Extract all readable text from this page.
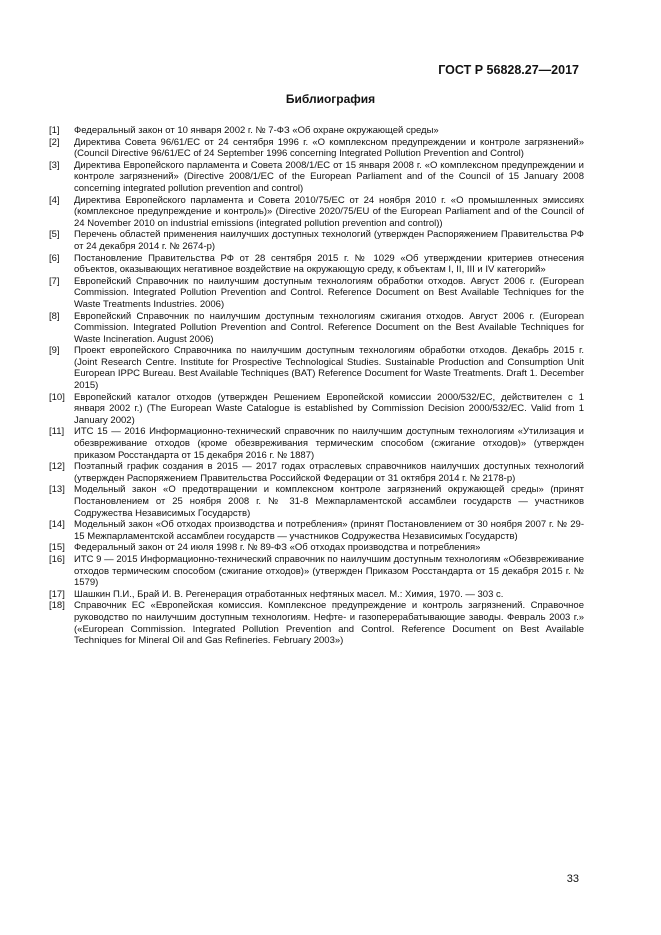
ГОСТ Р 56828.27—2017
Библиография
[1]	Федеральный закон от 10 января 2002 г. № 7-ФЗ «Об охране окружающей среды»
[2]	Директива Совета 96/61/EC от 24 сентября 1996 г. «О комплексном предупреждении и контроле загрязнений» (Council Directive 96/61/EC of 24 September 1996 concerning Integrated Pollution Prevention and Control)
[3]	Директива Европейского парламента и Совета 2008/1/ЕС от 15 января 2008 г. «О комплексном предупреждении и контроле загрязнений» (Directive 2008/1/EC of the European Parliament and of the Council of 15 January 2008 concerning integrated pollution prevention and control)
[4]	Директива Европейского парламента и Совета 2010/75/ЕС от 24 ноября 2010 г. «О промышленных эмиссиях (комплексное предупреждение и контроль)» (Directive 2020/75/EU of the European Parliament and of the Council of 24 November 2010 on industrial emissions (integrated pollution prevention and control))
[5]	Перечень областей применения наилучших доступных технологий (утвержден Распоряжением Правительства РФ от 24 декабря 2014 г. № 2674-р)
[6]	Постановление Правительства РФ от 28 сентября 2015 г. № 1029 «Об утверждении критериев отнесения объектов, оказывающих негативное воздействие на окружающую среду, к объектам I, II, III и IV категорий»
[7]	Европейский Справочник по наилучшим доступным технологиям обработки отходов. Август 2006 г. (European Commission. Integrated Pollution Prevention and Control. Reference Document on Best Available Techniques for the Waste Treatments Industries. 2006)
[8]	Европейский Справочник по наилучшим доступным технологиям сжигания отходов. Август 2006 г. (European Commission. Integrated Pollution Prevention and Control. Reference Document on the Best Available Techniques for Waste Incineration. August 2006)
[9]	Проект европейского Справочника по наилучшим доступным технологиям обработки отходов. Декабрь 2015 г. (Joint Research Centre. Institute for Prospective Technological Studies. Sustainable Production and Consumption Unit European IPPC Bureau. Best Available Techniques (BAT) Reference Document for Waste Treatments. Draft 1. December 2015)
[10] Европейский каталог отходов (утвержден Решением Европейской комиссии 2000/532/ЕС, действителен с 1 января 2002 г.) (The European Waste Catalogue is established by Commission Decision 2000/532/EC. Valid from 1 January 2002)
[11]	ИТС 15 — 2016 Информационно-технический справочник по наилучшим доступным технологиям «Утилизация и обезвреживание отходов (кроме обезвреживания термическим способом (сжигание отходов)» (утвержден приказом Росстандарта от 15 декабря 2016 г. № 1887)
[12] Поэтапный график создания в 2015 — 2017 годах отраслевых справочников наилучших доступных технологий (утвержден Распоряжением Правительства Российской Федерации от 31 октября 2014 г. № 2178-р)
[13] Модельный закон «О предотвращении и комплексном контроле загрязнений окружающей среды» (принят Постановлением от 25 ноября 2008 г. № 31-8 Межпарламентской ассамблеи государств — участников Содружества Независимых Государств)
[14] Модельный закон «Об отходах производства и потребления» (принят Постановлением от 30 ноября 2007 г. № 29-15 Межпарламентской ассамблеи государств — участников Содружества Независимых Государств)
[15] Федеральный закон от 24 июля 1998 г. № 89-ФЗ «Об отходах производства и потребления»
[16] ИТС 9 — 2015 Информационно-технический справочник по наилучшим доступным технологиям «Обезвреживание отходов термическим способом (сжигание отходов)» (утвержден Приказом Росстандарта от 15 декабря 2015 г. № 1579)
[17] Шашкин П.И., Брай И. В. Регенерация отработанных нефтяных масел. М.: Химия, 1970. — 303 с.
[18] Справочник ЕС «Европейская комиссия. Комплексное предупреждение и контроль загрязнений. Справочное руководство по наилучшим доступным технологиям. Нефте- и газоперерабатывающие заводы. Февраль 2003 г.» («European Commission. Integrated Pollution Prevention and Control. Reference Document on Best Available Techniques for Mineral Oil and Gas Refineries. February 2003»)
33
